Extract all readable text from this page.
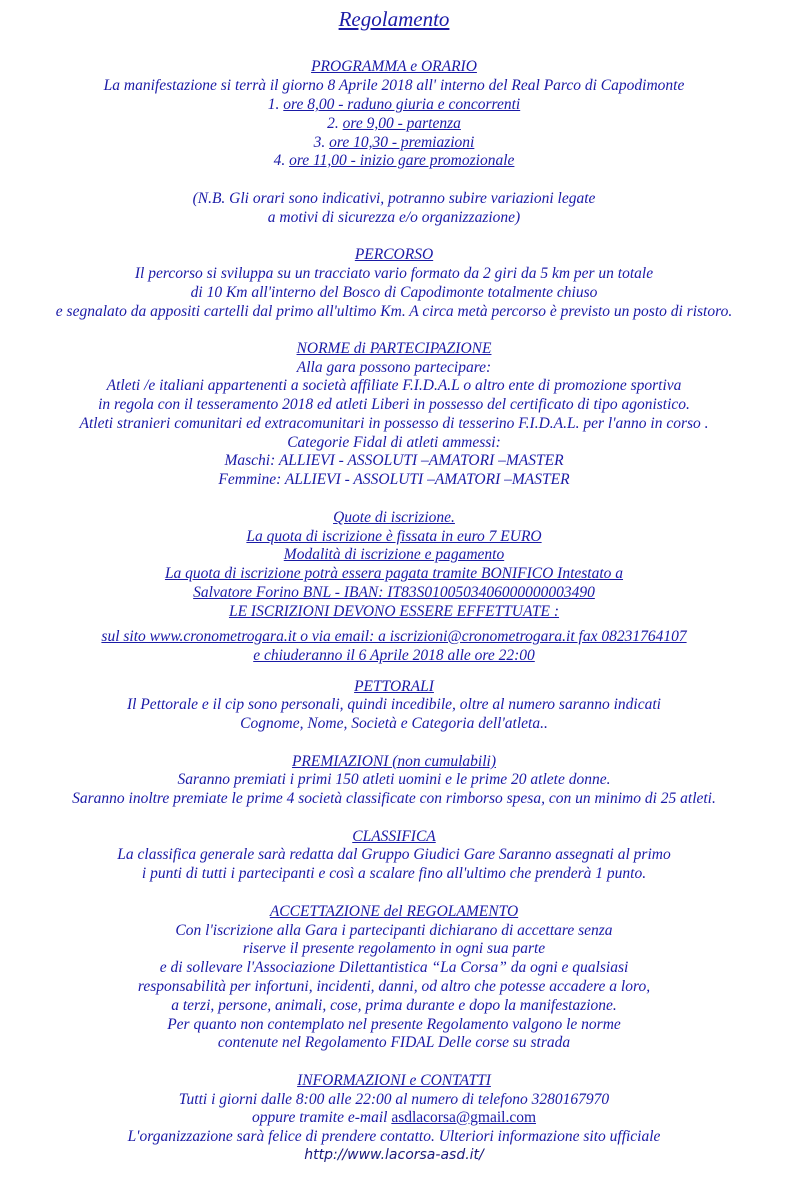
Regolamento
PROGRAMMA e ORARIO
La manifestazione si terrà il giorno 8 Aprile 2018 all' interno del Real Parco di Capodimonte
1. ore 8,00 - raduno giuria e concorrenti
2. ore 9,00 - partenza
3. ore 10,30 - premiazioni
4. ore 11,00 - inizio gare promozionale
(N.B. Gli orari sono indicativi, potranno subire variazioni legate
a motivi di sicurezza e/o organizzazione)
PERCORSO
Il percorso si sviluppa su un tracciato vario formato da 2 giri da 5 km per un totale
di 10 Km all'interno del Bosco di Capodimonte totalmente chiuso
e segnalato da appositi cartelli dal primo all'ultimo Km. A circa metà percorso è previsto un posto di ristoro.
NORME di PARTECIPAZIONE
Alla gara possono partecipare:
Atleti /e italiani appartenenti a società affiliate F.I.D.A.L o altro ente di promozione sportiva
in regola con il tesseramento 2018 ed atleti Liberi in possesso del certificato di tipo agonistico.
Atleti stranieri comunitari ed extracomunitari in possesso di tesserino F.I.D.A.L. per l'anno in corso .
Categorie Fidal di atleti ammessi:
Maschi: ALLIEVI - ASSOLUTI –AMATORI –MASTER
Femmine: ALLIEVI - ASSOLUTI –AMATORI –MASTER
Quote di iscrizione.
La quota di iscrizione è fissata in euro 7 EURO
Modalità di iscrizione e pagamento
La quota di iscrizione potrà essera pagata tramite BONIFICO Intestato a
Salvatore Forino BNL - IBAN: IT83S0100503406000000003490
LE ISCRIZIONI DEVONO ESSERE EFFETTUATE :
sul sito www.cronometrogara.it o via email: a iscrizioni@cronometrogara.it fax 08231764107
e chiuderanno il 6 Aprile 2018 alle ore 22:00
PETTORALI
Il Pettorale e il cip sono personali, quindi incedibile, oltre al numero saranno indicati
Cognome, Nome, Società e Categoria dell'atleta..
PREMIAZIONI (non cumulabili)
Saranno premiati i primi 150 atleti uomini e le prime 20 atlete donne.
Saranno inoltre premiate le prime 4 società classificate con rimborso spesa, con un minimo di 25 atleti.
CLASSIFICA
La classifica generale sarà redatta dal Gruppo Giudici Gare Saranno assegnati al primo
i punti di tutti i partecipanti e così a scalare fino all'ultimo che prenderà 1 punto.
ACCETTAZIONE del REGOLAMENTO
Con l'iscrizione alla Gara i partecipanti dichiarano di accettare senza
riserve il presente regolamento in ogni sua parte
e di sollevare l'Associazione Dilettantistica “La Corsa” da ogni e qualsiasi
responsabilità per infortuni, incidenti, danni, od altro che potesse accadere a loro,
a terzi, persone, animali, cose, prima durante e dopo la manifestazione.
Per quanto non contemplato nel presente Regolamento valgono le norme
contenute nel Regolamento FIDAL Delle corse su strada
INFORMAZIONI e CONTATTI
Tutti i giorni dalle 8:00 alle 22:00 al numero di telefono 3280167970
oppure tramite e-mail asdlacorsa@gmail.com
L'organizzazione sarà felice di prendere contatto. Ulteriori informazione sito ufficiale
http://www.lacorsa-asd.it/
